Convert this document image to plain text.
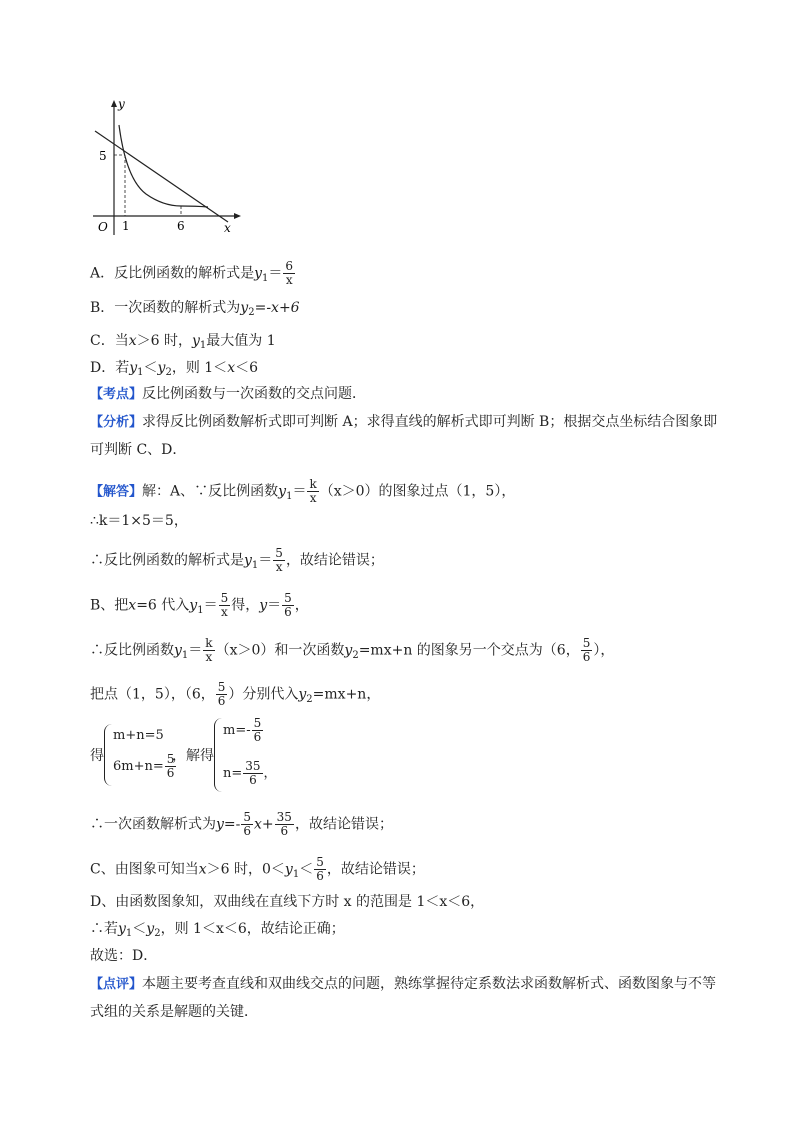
y
x
O
5
1	6
A．反比例函数的解析式是$y_1= \frac{6}{x}$
B．一次函数的解析式为$y_2=-x+6$
C．当x＞6 时，$y_1$最大值为 1
D．若$y_1<y_2$，则 1＜x＜6
【考点】反比例函数与一次函数的交点问题．
【分析】求得反比例函数解析式即可判断 A；求得直线的解析式即可判断 B；根据交点坐标结合图象即
可判断 C、D．
【解答】解：A、∵反比例函数$y_1= \frac{k}{x} (x>0)$的图象过点（1，5），
∴k＝1×5＝5，
∴反比例函数的解析式是$y_1= \frac{5}{x}$ ，故结论错误；
B、把x=6 代入$y_1= \frac{5}{x}$ 得，$y= \frac{5}{6}$ ，
∴反比例函数$y_1= \frac{k}{x} (x>0)$和一次函数$y_2=mx+n$ 的图象另一个交点为（6， $\frac{5}{6}$ ），
把点（1，5），（6， $\frac{5}{6}$ ）分别代入$y_2=mx+n$，
得
m+n=5
$6m+n= \frac{5}{6}$
，解得
$m=- \frac{5}{6}$
$n= \frac{35}{6}$ ，
∴一次函数解析式为$y=- \frac{5}{6} x+ \frac{35}{6}$ ，故结论错误；
C、由图象可知当x＞6 时，$0<y_1< \frac{5}{6}$ ，故结论错误；
D、由函数图象知，双曲线在直线下方时 x 的范围是 1＜x＜6，
∴若$y_1<y_2$，则 1＜x＜6，故结论正确；
故选：D．
【点评】本题主要考查直线和双曲线交点的问题，熟练掌握待定系数法求函数解析式、函数图象与不等
式组的关系是解题的关键．
